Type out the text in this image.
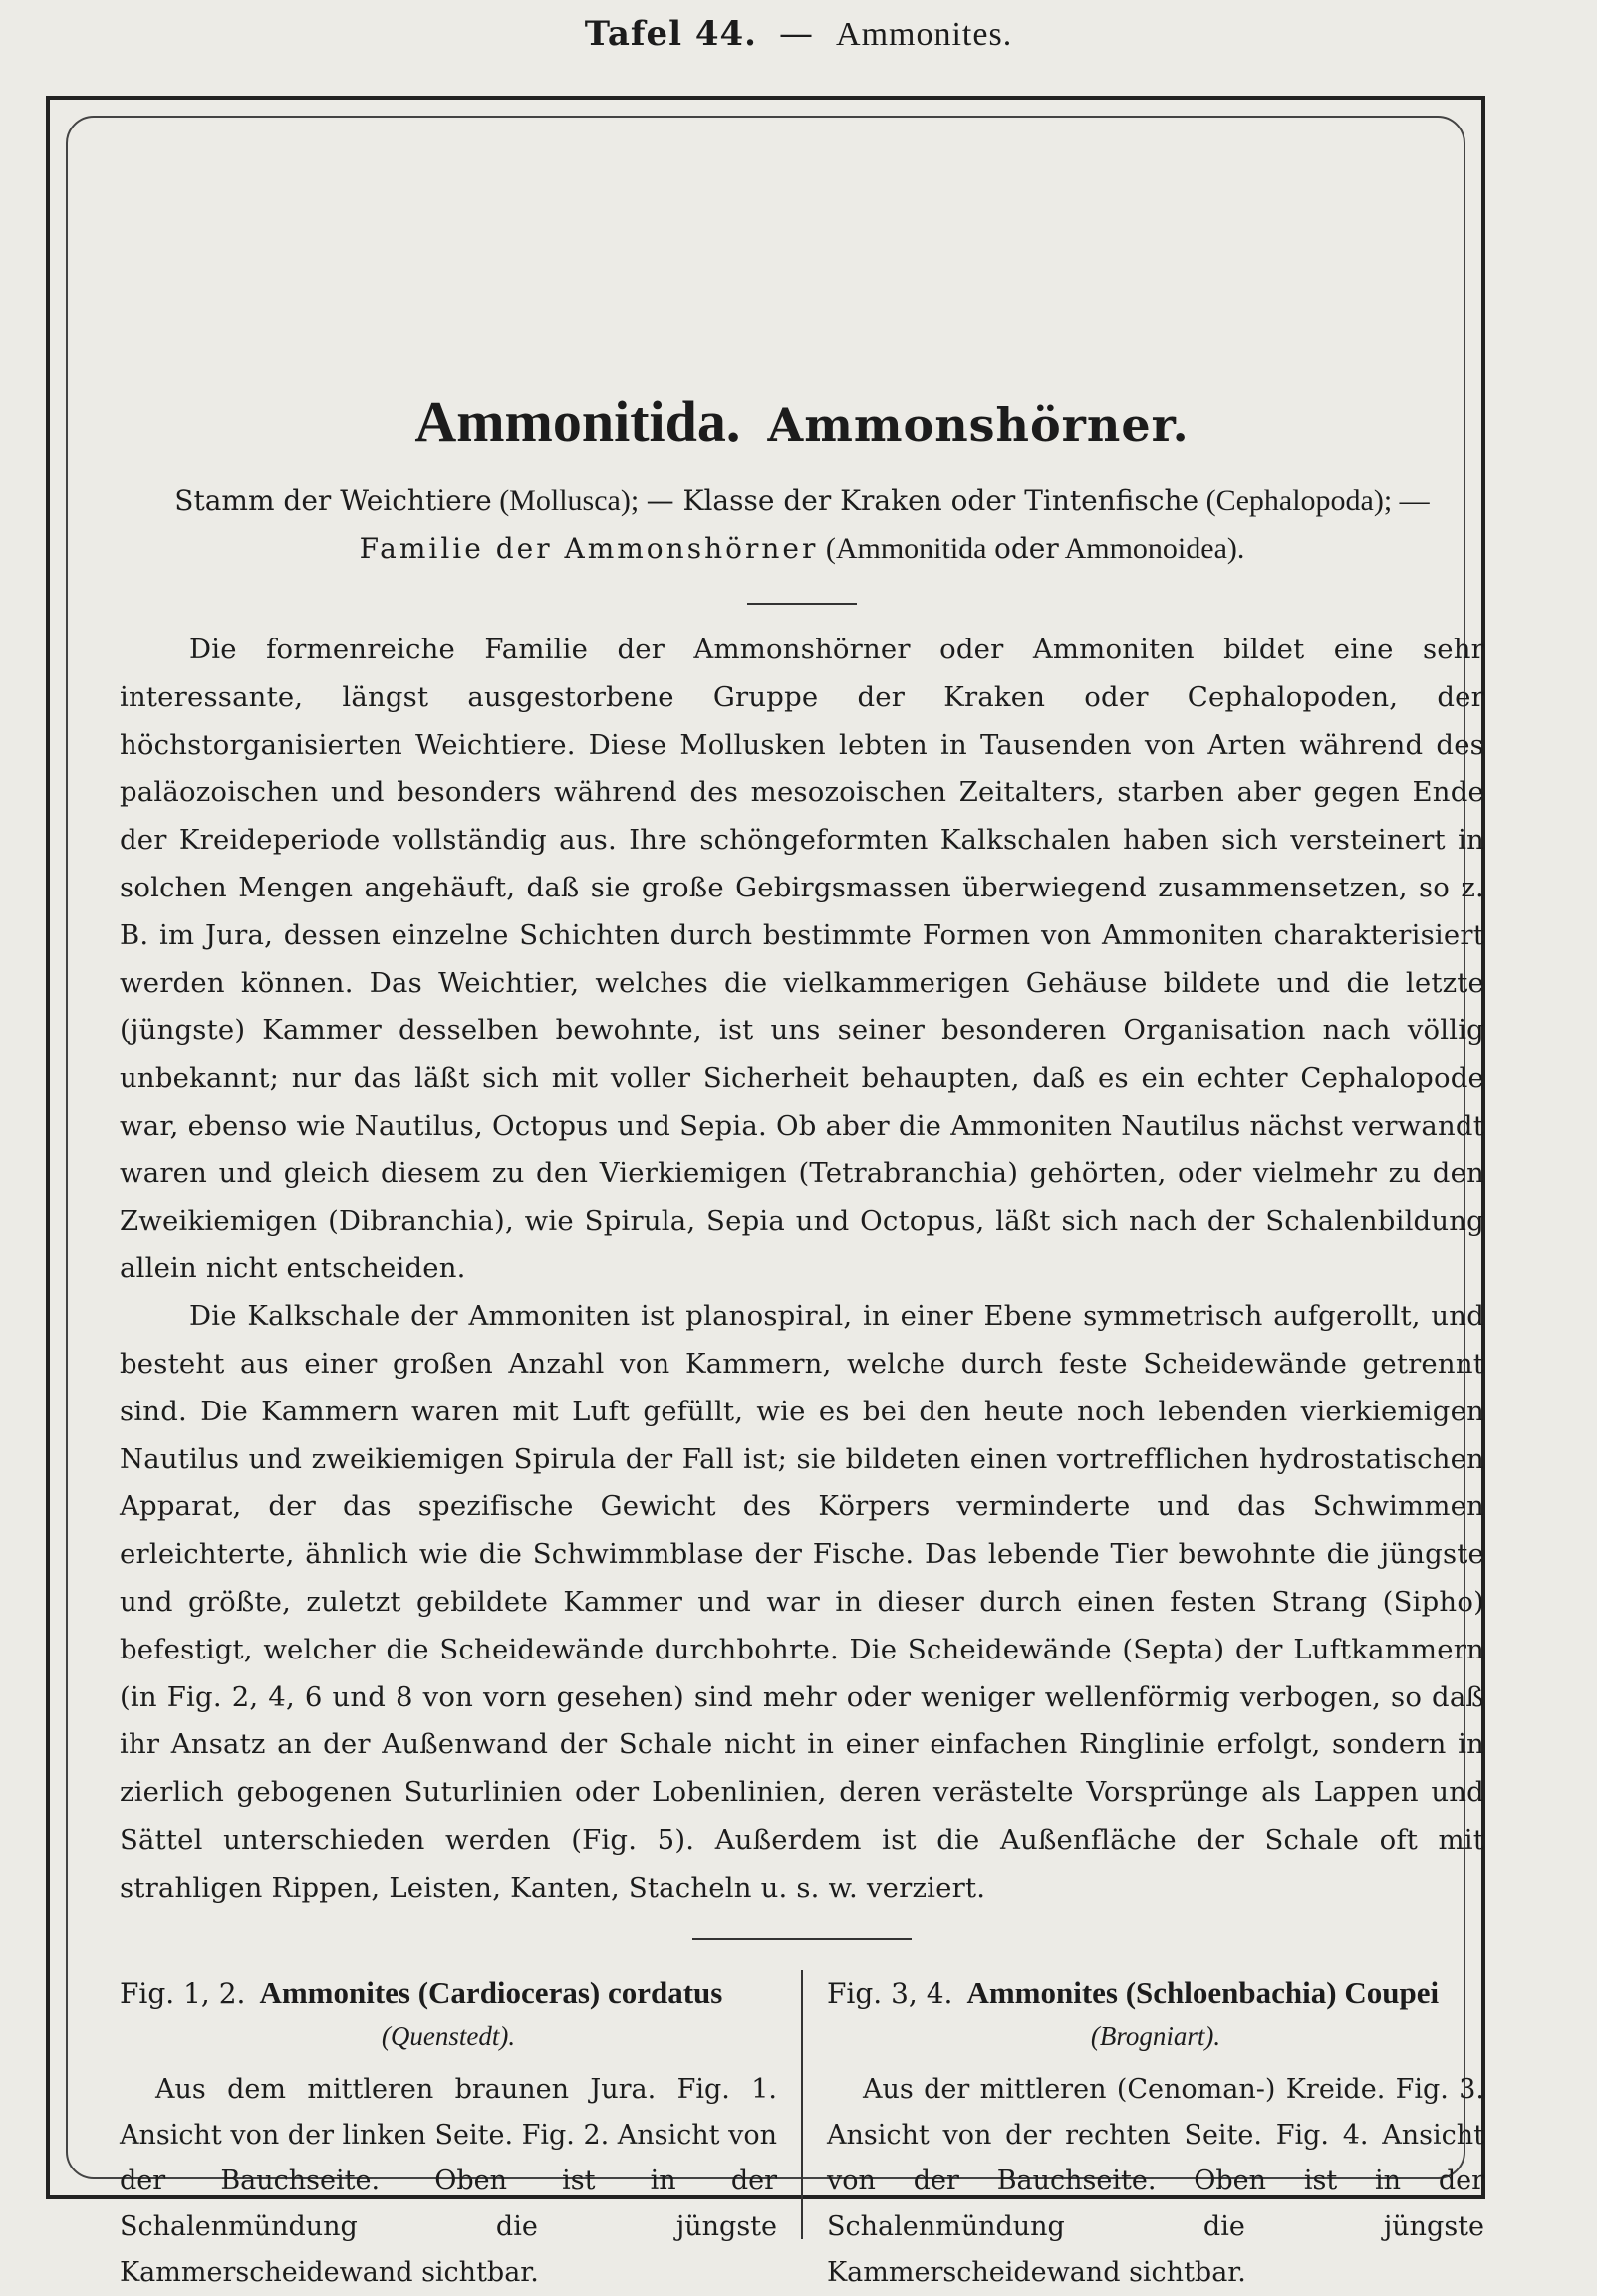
Tafel 44. — Ammonites.
Ammonitida. Ammonshörner.
Stamm der Weichtiere (Mollusca); — Klasse der Kraken oder Tintenfische (Cephalopoda); —
Familie der Ammonshörner (Ammonitida oder Ammonoidea).

Die formenreiche Familie der Ammonshörner oder Ammoniten bildet eine sehr interessante, längst ausgestorbene Gruppe der Kraken oder Cephalopoden, der höchstorganisierten Weichtiere. Diese Mollusken lebten in Tausenden von Arten während des paläozoischen und besonders während des mesozoischen Zeitalters, starben aber gegen Ende der Kreideperiode vollständig aus. Ihre schöngeformten Kalkschalen haben sich versteinert in solchen Mengen angehäuft, daß sie große Gebirgsmassen überwiegend zusammensetzen, so z. B. im Jura, dessen einzelne Schichten durch bestimmte Formen von Ammoniten charakterisiert werden können. Das Weichtier, welches die vielkammerigen Gehäuse bildete und die letzte (jüngste) Kammer desselben bewohnte, ist uns seiner besonderen Organisation nach völlig unbekannt; nur das läßt sich mit voller Sicherheit behaupten, daß es ein echter Cephalopode war, ebenso wie Nautilus, Octopus und Sepia. Ob aber die Ammoniten Nautilus nächst verwandt waren und gleich diesem zu den Vierkiemigen (Tetrabranchia) gehörten, oder vielmehr zu den Zweikiemigen (Dibranchia), wie Spirula, Sepia und Octopus, läßt sich nach der Schalenbildung allein nicht entscheiden.

Die Kalkschale der Ammoniten ist planospiral, in einer Ebene symmetrisch aufgerollt, und besteht aus einer großen Anzahl von Kammern, welche durch feste Scheidewände getrennt sind. Die Kammern waren mit Luft gefüllt, wie es bei den heute noch lebenden vierkiemigen Nautilus und zweikiemigen Spirula der Fall ist; sie bildeten einen vortrefflichen hydrostatischen Apparat, der das spezifische Gewicht des Körpers verminderte und das Schwimmen erleichterte, ähnlich wie die Schwimmblase der Fische. Das lebende Tier bewohnte die jüngste und größte, zuletzt gebildete Kammer und war in dieser durch einen festen Strang (Sipho) befestigt, welcher die Scheidewände durchbohrte. Die Scheidewände (Septa) der Luftkammern (in Fig. 2, 4, 6 und 8 von vorn gesehen) sind mehr oder weniger wellenförmig verbogen, so daß ihr Ansatz an der Außenwand der Schale nicht in einer einfachen Ringlinie erfolgt, sondern in zierlich gebogenen Suturlinien oder Lobenlinien, deren verästelte Vorsprünge als Lappen und Sättel unterschieden werden (Fig. 5). Außerdem ist die Außenfläche der Schale oft mit strahligen Rippen, Leisten, Kanten, Stacheln u. s. w. verziert.

Fig. 1, 2. Ammonites (Cardioceras) cordatus
(Quenstedt).

Aus dem mittleren braunen Jura. Fig. 1. Ansicht von der linken Seite. Fig. 2. Ansicht von der Bauchseite. Oben ist in der Schalenmündung die jüngste Kammerscheidewand sichtbar.

Fig. 3, 4. Ammonites (Schloenbachia) Coupei
(Brogniart).

Aus der mittleren (Cenoman-) Kreide. Fig. 3. Ansicht von der rechten Seite. Fig. 4. Ansicht von der Bauchseite. Oben ist in der Schalenmündung die jüngste Kammerscheidewand sichtbar.
